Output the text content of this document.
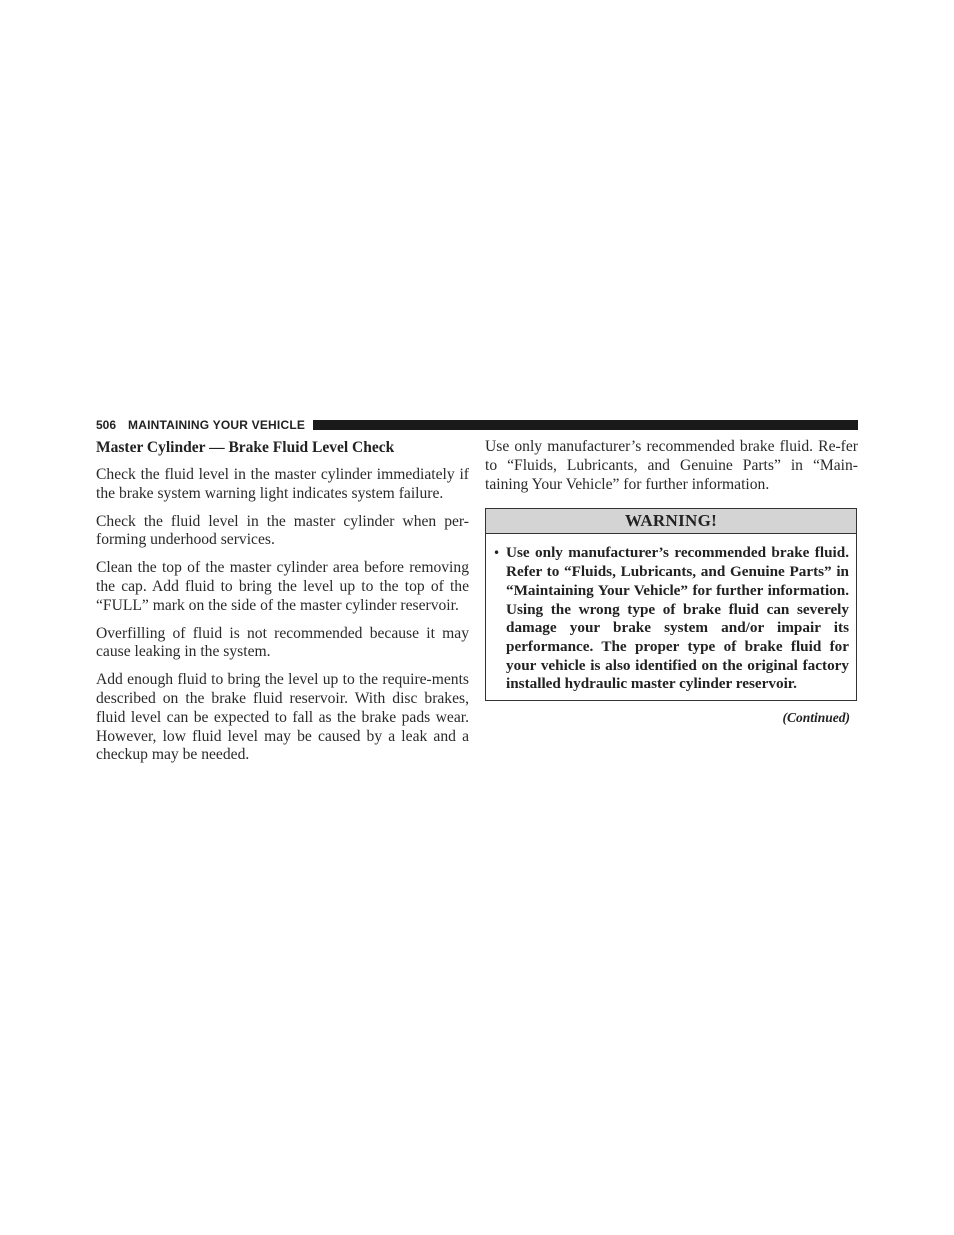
506 MAINTAINING YOUR VEHICLE
Master Cylinder — Brake Fluid Level Check

Check the fluid level in the master cylinder immediately if the brake system warning light indicates system failure.

Check the fluid level in the master cylinder when per-forming underhood services.

Clean the top of the master cylinder area before removing the cap. Add fluid to bring the level up to the top of the “FULL” mark on the side of the master cylinder reservoir.

Overfilling of fluid is not recommended because it may cause leaking in the system.

Add enough fluid to bring the level up to the require-ments described on the brake fluid reservoir. With disc brakes, fluid level can be expected to fall as the brake pads wear. However, low fluid level may be caused by a leak and a checkup may be needed.

Use only manufacturer’s recommended brake fluid. Re-fer to “Fluids, Lubricants, and Genuine Parts” in “Main-taining Your Vehicle” for further information.

WARNING!
• Use only manufacturer’s recommended brake fluid. Refer to “Fluids, Lubricants, and Genuine Parts” in “Maintaining Your Vehicle” for further information. Using the wrong type of brake fluid can severely damage your brake system and/or impair its performance. The proper type of brake fluid for your vehicle is also identified on the original factory installed hydraulic master cylinder reservoir.
(Continued)
